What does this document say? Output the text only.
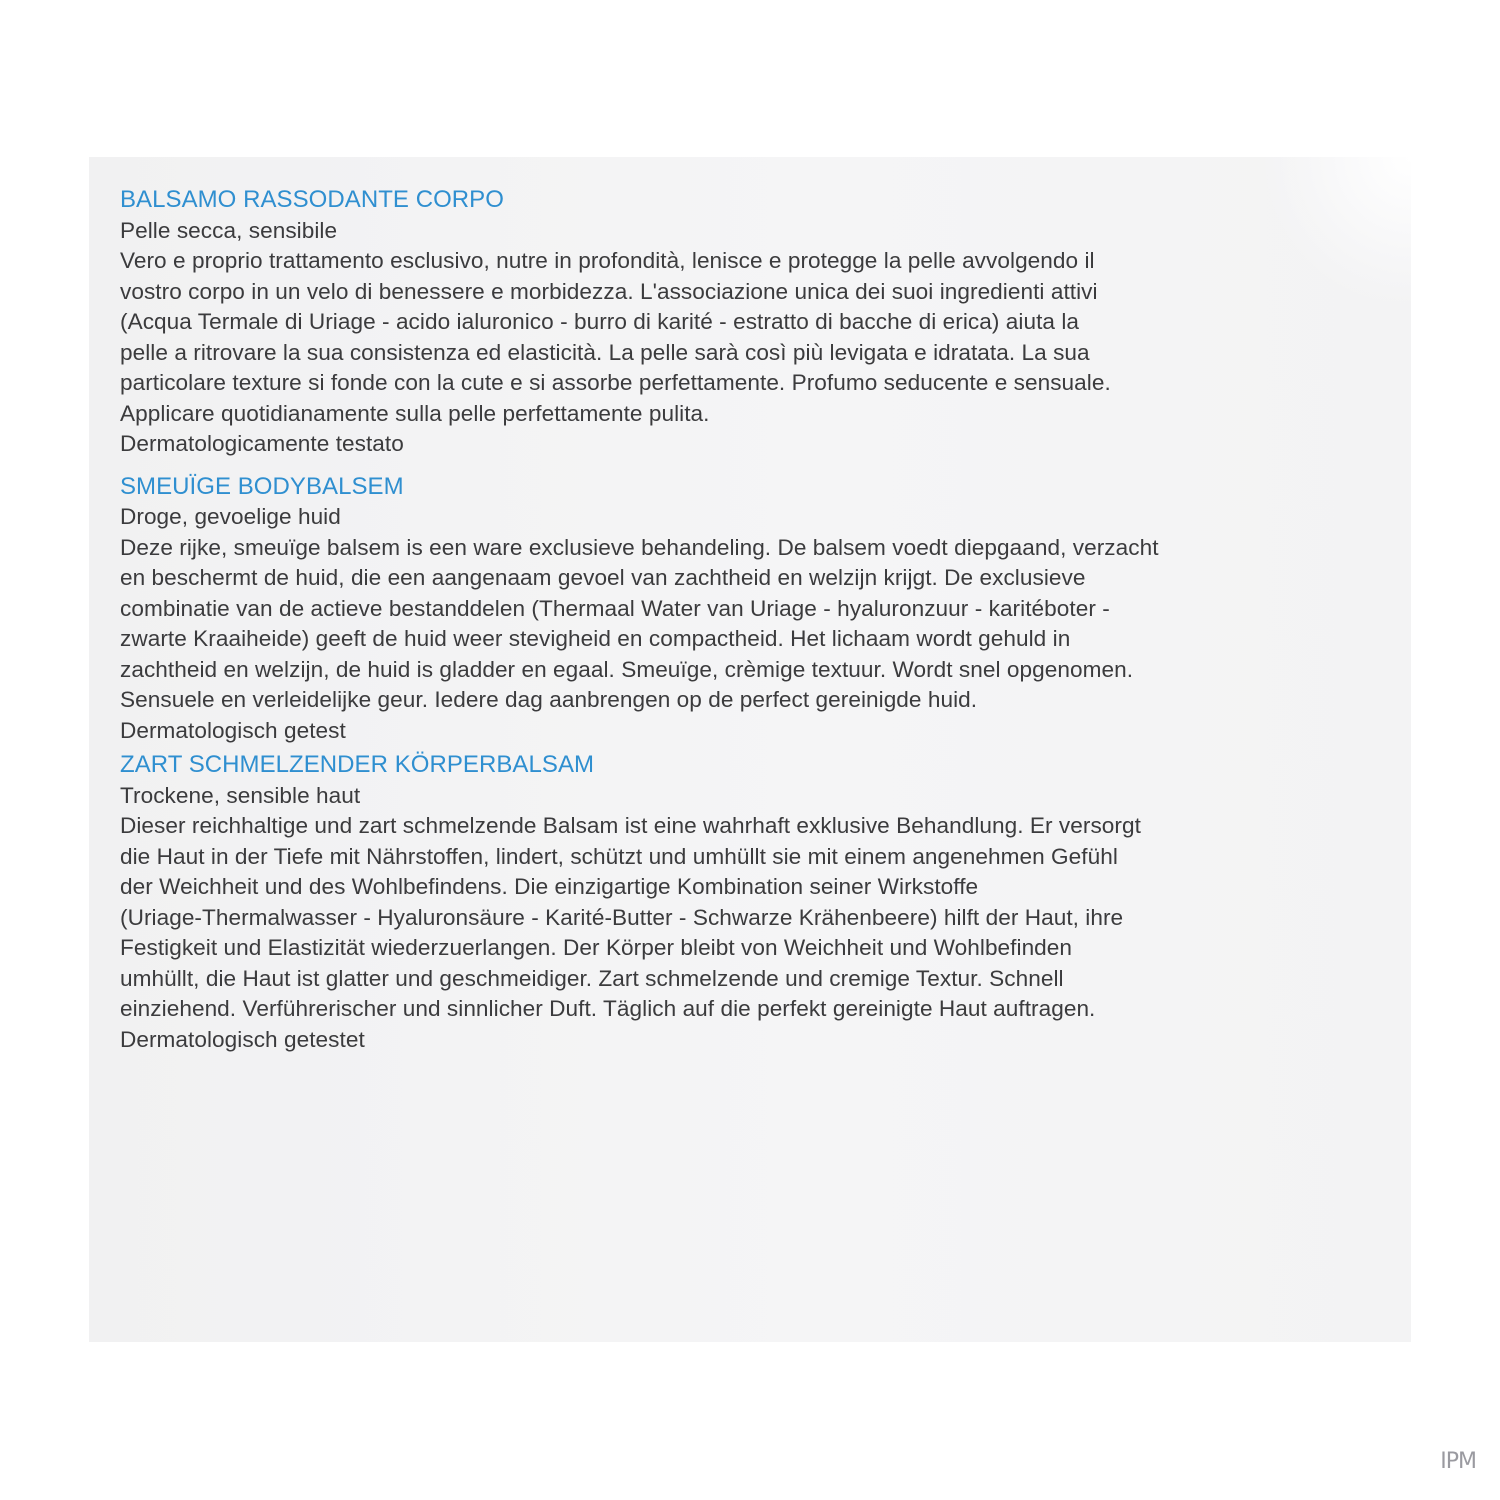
BALSAMO RASSODANTE CORPO
Pelle secca, sensibile
Vero e proprio trattamento esclusivo, nutre in profondità, lenisce e protegge la pelle avvolgendo il
vostro corpo in un velo di benessere e morbidezza. L'associazione unica dei suoi ingredienti attivi
(Acqua Termale di Uriage - acido ialuronico - burro di karité - estratto di bacche di erica) aiuta la
pelle a ritrovare la sua consistenza ed elasticità. La pelle sarà così più levigata e idratata. La sua
particolare texture si fonde con la cute e si assorbe perfettamente. Profumo seducente e sensuale.
Applicare quotidianamente sulla pelle perfettamente pulita.
Dermatologicamente testato
SMEUÏGE BODYBALSEM
Droge, gevoelige huid
Deze rijke, smeuïge balsem is een ware exclusieve behandeling. De balsem voedt diepgaand, verzacht
en beschermt de huid, die een aangenaam gevoel van zachtheid en welzijn krijgt. De exclusieve
combinatie van de actieve bestanddelen (Thermaal Water van Uriage - hyaluronzuur - karitéboter -
zwarte Kraaiheide) geeft de huid weer stevigheid en compactheid. Het lichaam wordt gehuld in
zachtheid en welzijn, de huid is gladder en egaal. Smeuïge, crèmige textuur. Wordt snel opgenomen.
Sensuele en verleidelijke geur. Iedere dag aanbrengen op de perfect gereinigde huid.
Dermatologisch getest
ZART SCHMELZENDER KÖRPERBALSAM
Trockene, sensible haut
Dieser reichhaltige und zart schmelzende Balsam ist eine wahrhaft exklusive Behandlung. Er versorgt
die Haut in der Tiefe mit Nährstoffen, lindert, schützt und umhüllt sie mit einem angenehmen Gefühl
der Weichheit und des Wohlbefindens. Die einzigartige Kombination seiner Wirkstoffe
(Uriage-Thermalwasser - Hyaluronsäure - Karité-Butter - Schwarze Krähenbeere) hilft der Haut, ihre
Festigkeit und Elastizität wiederzuerlangen. Der Körper bleibt von Weichheit und Wohlbefinden
umhüllt, die Haut ist glatter und geschmeidiger. Zart schmelzende und cremige Textur. Schnell
einziehend. Verführerischer und sinnlicher Duft. Täglich auf die perfekt gereinigte Haut auftragen.
Dermatologisch getestet
IPM
